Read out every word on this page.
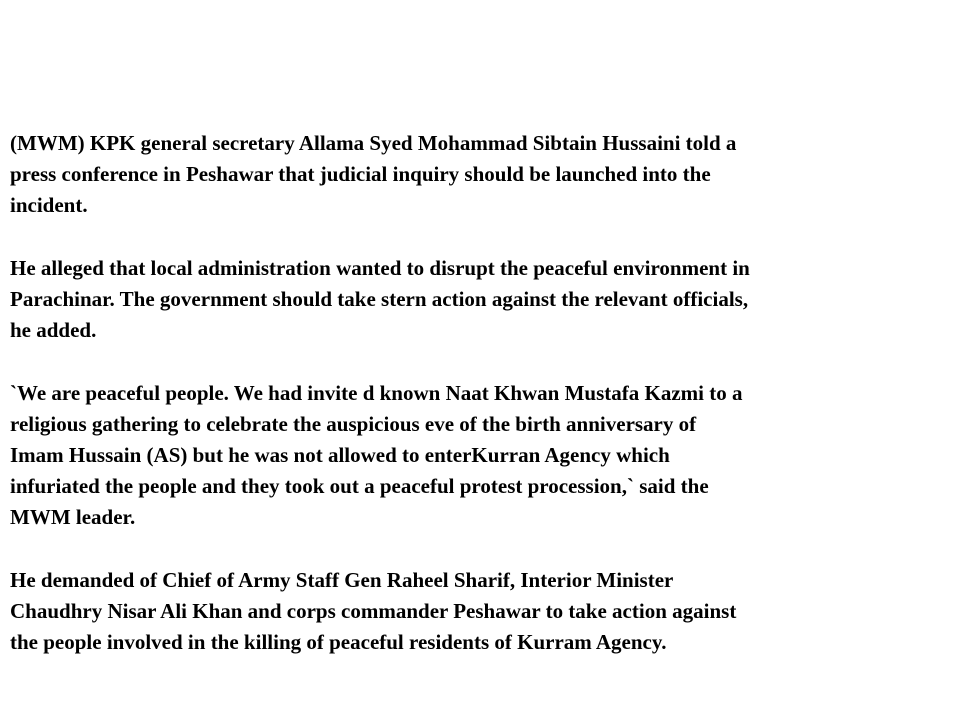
(MWM) KPK general secretary Allama Syed Mohammad Sibtain Hussaini told a
press conference in Peshawar that judicial inquiry should be launched into the
incident.

He alleged that local administration wanted to disrupt the peaceful environment in
Parachinar. The government should take stern action against the relevant officials,
he added.

`We are peaceful people. We had invite d known Naat Khwan Mustafa Kazmi to a
religious gathering to celebrate the auspicious eve of the birth anniversary of
Imam Hussain (AS) but he was not allowed to enterKurran Agency which
infuriated the people and they took out a peaceful protest procession,` said the
MWM leader.

He demanded of Chief of Army Staff Gen Raheel Sharif, Interior Minister
Chaudhry Nisar Ali Khan and corps commander Peshawar to take action against
the people involved in the killing of peaceful residents of Kurram Agency.
